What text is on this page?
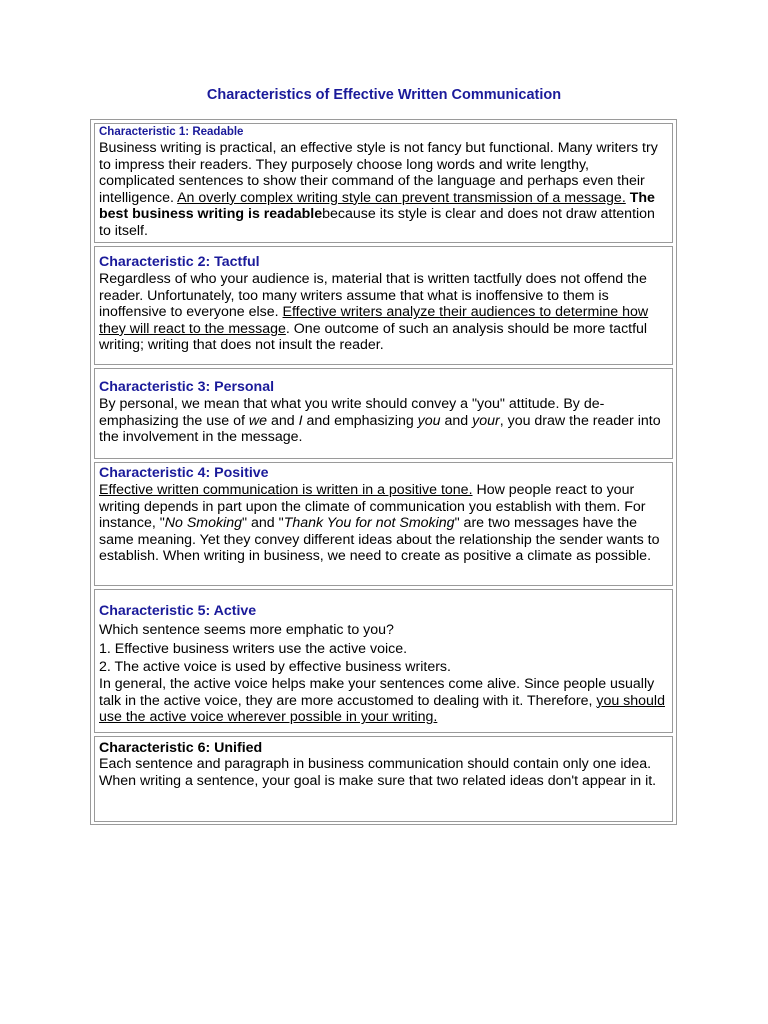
Characteristics of Effective Written Communication
Characteristic 1: Readable

Business writing is practical, an effective style is not fancy but functional. Many writers try to impress their readers. They purposely choose long words and write lengthy, complicated sentences to show their command of the language and perhaps even their intelligence. An overly complex writing style can prevent transmission of a message. The best business writing is readablebecause its style is clear and does not draw attention to itself.

Characteristic 2: Tactful

Regardless of who your audience is, material that is written tactfully does not offend the reader. Unfortunately, too many writers assume that what is inoffensive to them is inoffensive to everyone else. Effective writers analyze their audiences to determine how they will react to the message. One outcome of such an analysis should be more tactful writing; writing that does not insult the reader.

Characteristic 3: Personal

By personal, we mean that what you write should convey a "you" attitude. By de-emphasizing the use of we and I and emphasizing you and your, you draw the reader into the involvement in the message.

Characteristic 4: Positive

Effective written communication is written in a positive tone. How people react to your writing depends in part upon the climate of communication you establish with them. For instance, "No Smoking" and "Thank You for not Smoking" are two messages have the same meaning. Yet they convey different ideas about the relationship the sender wants to establish. When writing in business, we need to create as positive a climate as possible.

Characteristic 5: Active
Which sentence seems more emphatic to you?
1. Effective business writers use the active voice.
2. The active voice is used by effective business writers.

In general, the active voice helps make your sentences come alive. Since people usually talk in the active voice, they are more accustomed to dealing with it. Therefore, you should use the active voice wherever possible in your writing.

Characteristic 6: Unified

Each sentence and paragraph in business communication should contain only one idea. When writing a sentence, your goal is make sure that two related ideas don't appear in it.
